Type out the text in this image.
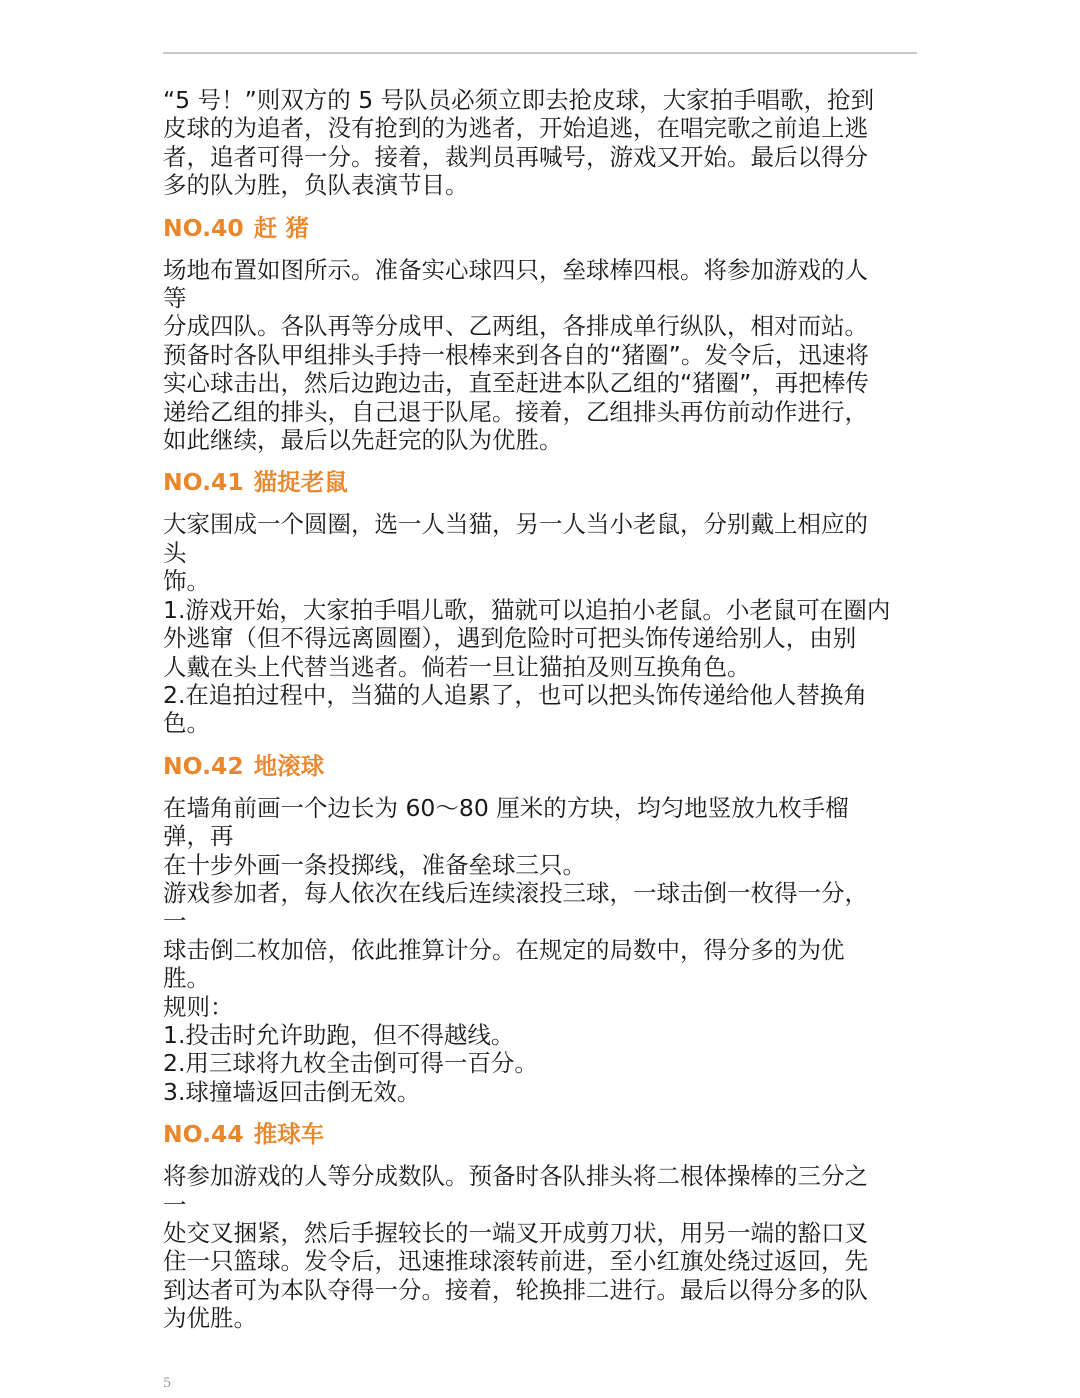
“5 号！”则双方的 5 号队员必须立即去抢皮球，大家拍手唱歌，抢到

皮球的为追者，没有抢到的为逃者，开始追逃，在唱完歌之前追上逃

者，追者可得一分。接着，裁判员再喊号，游戏又开始。最后以得分

多的队为胜，负队表演节目。

NO.40 赶 猪

场地布置如图所示。准备实心球四只，垒球棒四根。将参加游戏的人

等

分成四队。各队再等分成甲、乙两组，各排成单行纵队，相对而站。

预备时各队甲组排头手持一根棒来到各自的“猪圈”。发令后，迅速将

实心球击出，然后边跑边击，直至赶进本队乙组的“猪圈”，再把棒传

递给乙组的排头，自己退于队尾。接着，乙组排头再仿前动作进行，

如此继续，最后以先赶完的队为优胜。

NO.41 猫捉老鼠

大家围成一个圆圈，选一人当猫，另一人当小老鼠，分别戴上相应的

头

饰。

1.游戏开始，大家拍手唱儿歌，猫就可以追拍小老鼠。小老鼠可在圈内

外逃窜（但不得远离圆圈），遇到危险时可把头饰传递给别人，由别

人戴在头上代替当逃者。倘若一旦让猫拍及则互换角色。

2.在追拍过程中，当猫的人追累了，也可以把头饰传递给他人替换角

色。

NO.42 地滚球

在墙角前画一个边长为 60～80 厘米的方块，均匀地竖放九枚手榴

弹，再

在十步外画一条投掷线，准备垒球三只。

游戏参加者，每人依次在线后连续滚投三球，一球击倒一枚得一分，

一

球击倒二枚加倍，依此推算计分。在规定的局数中，得分多的为优

胜。

规则：

1.投击时允许助跑，但不得越线。

2.用三球将九枚全击倒可得一百分。

3.球撞墙返回击倒无效。

NO.44 推球车

将参加游戏的人等分成数队。预备时各队排头将二根体操棒的三分之

一

处交叉捆紧，然后手握较长的一端叉开成剪刀状，用另一端的豁口叉

住一只篮球。发令后，迅速推球滚转前进，至小红旗处绕过返回，先

到达者可为本队夺得一分。接着，轮换排二进行。最后以得分多的队

为优胜。

5
